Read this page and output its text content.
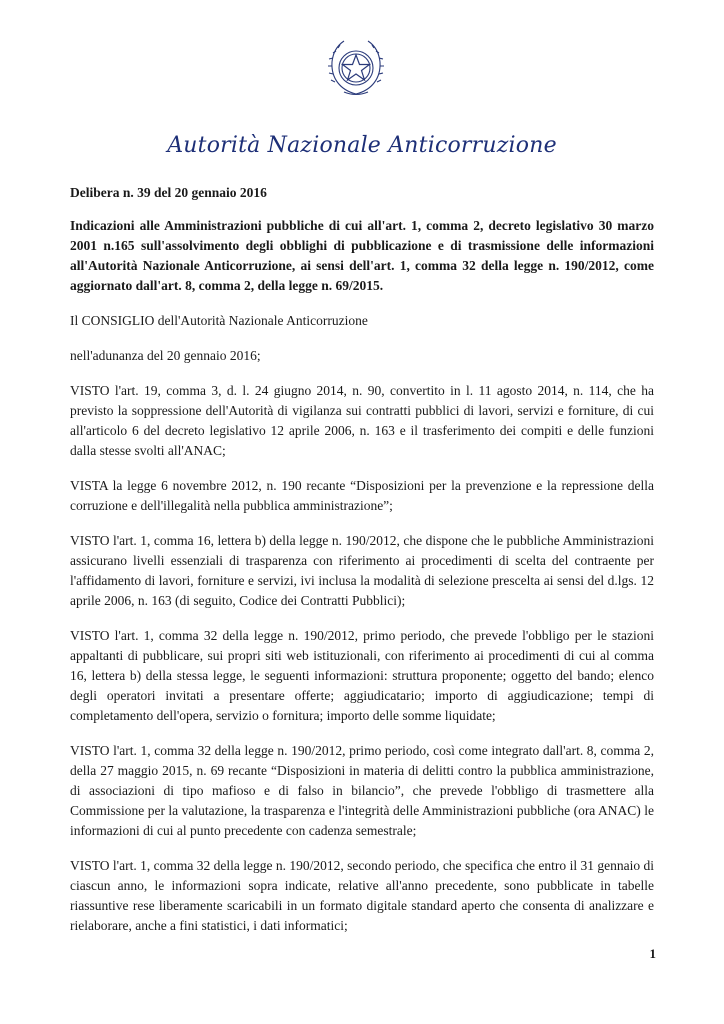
Autorità Nazionale Anticorruzione

Delibera n. 39 del 20 gennaio 2016

Indicazioni alle Amministrazioni pubbliche di cui all'art. 1, comma 2, decreto legislativo 30 marzo 2001 n.165 sull'assolvimento degli obblighi di pubblicazione e di trasmissione delle informazioni all'Autorità Nazionale Anticorruzione, ai sensi dell'art. 1, comma 32 della legge n. 190/2012, come aggiornato dall'art. 8, comma 2, della legge n. 69/2015.

Il CONSIGLIO dell'Autorità Nazionale Anticorruzione

nell'adunanza del 20 gennaio 2016;

VISTO l'art. 19, comma 3, d. l. 24 giugno 2014, n. 90, convertito in l. 11 agosto 2014, n. 114, che ha previsto la soppressione dell'Autorità di vigilanza sui contratti pubblici di lavori, servizi e forniture, di cui all'articolo 6 del decreto legislativo 12 aprile 2006, n. 163 e il trasferimento dei compiti e delle funzioni dalla stesse svolti all'ANAC;

VISTA la legge 6 novembre 2012, n. 190 recante “Disposizioni per la prevenzione e la repressione della corruzione e dell'illegalità nella pubblica amministrazione”;

VISTO l'art. 1, comma 16, lettera b) della legge n. 190/2012, che dispone che le pubbliche Amministrazioni assicurano livelli essenziali di trasparenza con riferimento ai procedimenti di scelta del contraente per l'affidamento di lavori, forniture e servizi, ivi inclusa la modalità di selezione prescelta ai sensi del d.lgs. 12 aprile 2006, n. 163 (di seguito, Codice dei Contratti Pubblici);

VISTO l'art. 1, comma 32 della legge n. 190/2012, primo periodo, che prevede l'obbligo per le stazioni appaltanti di pubblicare, sui propri siti web istituzionali, con riferimento ai procedimenti di cui al comma 16, lettera b) della stessa legge, le seguenti informazioni: struttura proponente; oggetto del bando; elenco degli operatori invitati a presentare offerte; aggiudicatario; importo di aggiudicazione; tempi di completamento dell'opera, servizio o fornitura; importo delle somme liquidate;

VISTO l'art. 1, comma 32 della legge n. 190/2012, primo periodo, così come integrato dall'art. 8, comma 2, della 27 maggio 2015, n. 69 recante “Disposizioni in materia di delitti contro la pubblica amministrazione, di associazioni di tipo mafioso e di falso in bilancio”, che prevede l'obbligo di trasmettere alla Commissione per la valutazione, la trasparenza e l'integrità delle Amministrazioni pubbliche (ora ANAC) le informazioni di cui al punto precedente con cadenza semestrale;

VISTO l'art. 1, comma 32 della legge n. 190/2012, secondo periodo, che specifica che entro il 31 gennaio di ciascun anno, le informazioni sopra indicate, relative all'anno precedente, sono pubblicate in tabelle riassuntive rese liberamente scaricabili in un formato digitale standard aperto che consenta di analizzare e rielaborare, anche a fini statistici, i dati informatici;

1
